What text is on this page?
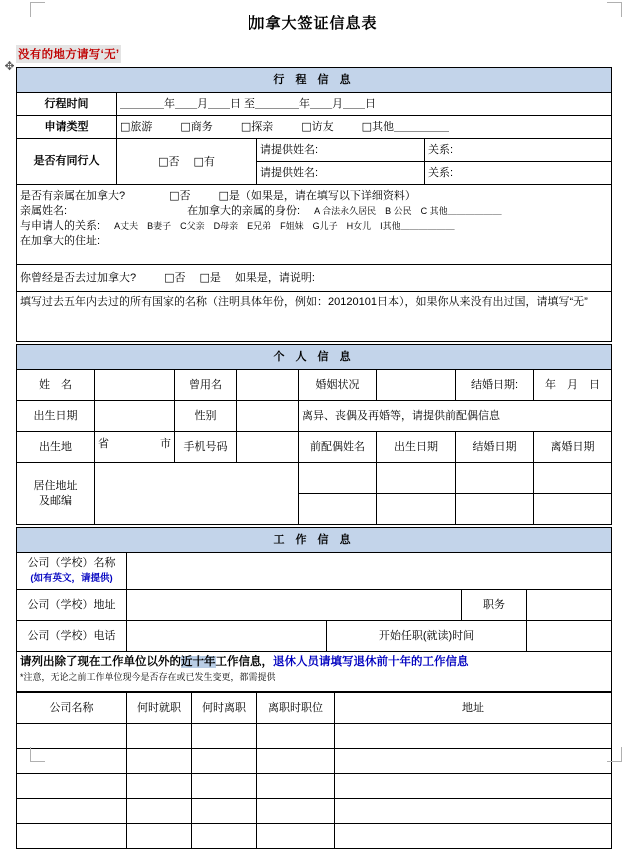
加拿大签证信息表
✥
没有的地方请写‘无’
行 程 信 息			
行程时间	＿＿＿＿年＿＿月＿＿日 至＿＿＿＿年＿＿月＿＿日		
申请类型	□旅游 □商务 □探亲 □访友 □其他＿＿＿＿＿		
是否有同行人	□否 □有	请提供姓名:	关系:
		请提供姓名:	关系:

是否有亲属在加拿大? □否 □是（如果是，请在填写以下详细资料）
亲属姓名: 在加拿大的亲属的身份: A 合法永久居民　B 公民　C 其他＿＿＿＿＿＿
与申请人的关系: A丈夫　B妻子　C父亲　D母亲　E兄弟　F姐妹　G儿子　H女儿　I其他＿＿＿＿＿＿
在加拿大的住址:			

你曾经是否去过加拿大? □否 □是 如果是，请说明:			
填写过去五年内去过的所有国家的名称（注明具体年份，例如：20120101日本），如果你从来没有出过国，请填写“无”			
个 人 信 息							
姓　名		曾用名		婚姻状况		结婚日期:	年　月　日
出生日期		性别		离异、丧偶及再婚等，请提供前配偶信息			
出生地	省 市	手机号码		前配偶姓名	出生日期	结婚日期	离婚日期

居住地址
及邮编							

工 作 信 息				

公司（学校）名称
(如有英文，请提供)				

公司（学校）地址			职务	
公司（学校）电话		开始任职(就读)时间		

请列出除了现在工作单位以外的近十年工作信息，退休人员请填写退休前十年的工作信息
*注意，无论之前工作单位现今是否存在或已发生变更，都需提供				
公司名称	何时就职	何时离职	离职时职位	地址
